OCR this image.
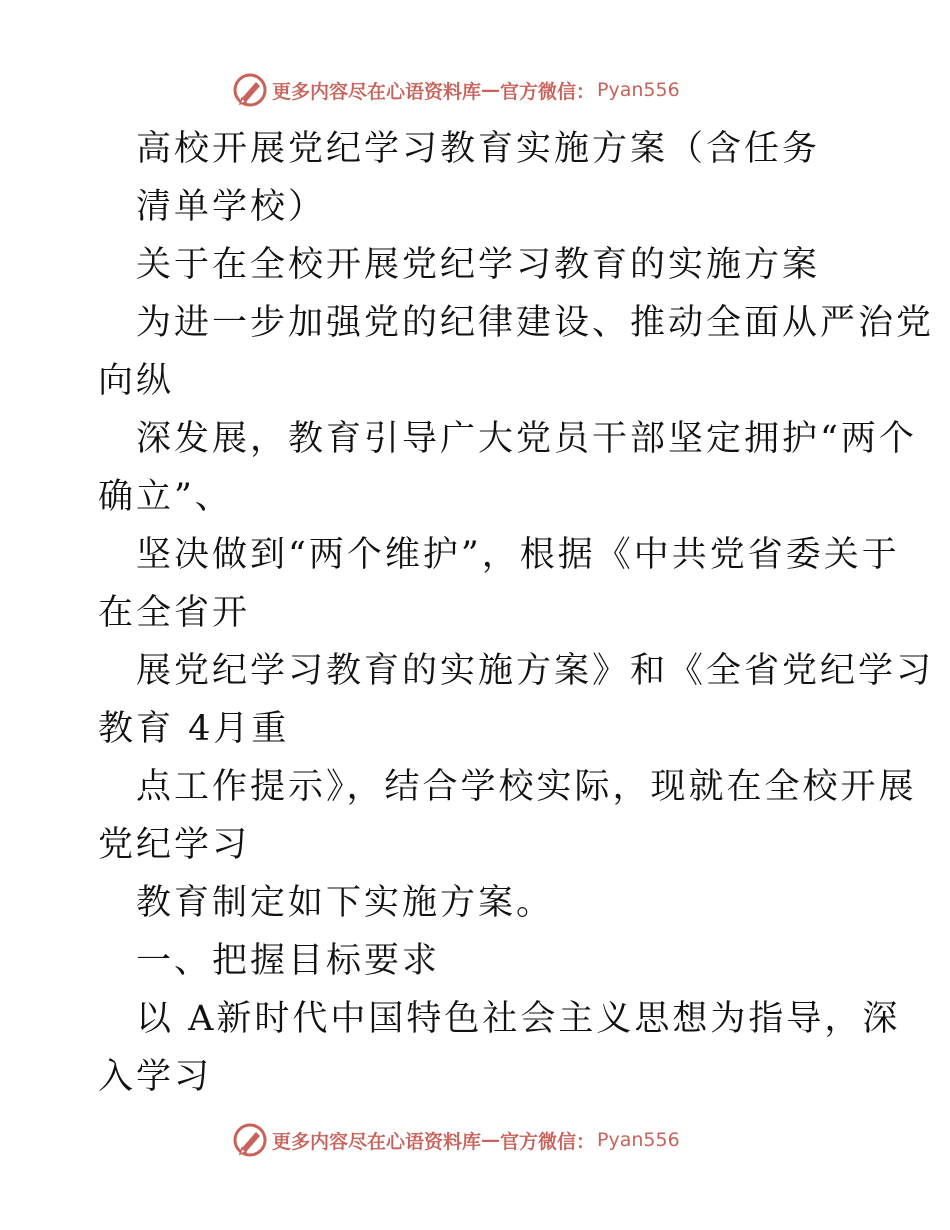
更多内容尽在心语资料库 — 官方微信： Pyan556
高校开展党纪学习教育实施方案（含任务
清单学校）
关于在全校开展党纪学习教育的实施方案
为进一步加强党的纪律建设、推动全面从严治党
向纵
深发展，教育引导广大党员干部坚定拥护“两个
确立”、
坚决做到“两个维护”，根据《中共党省委关于
在全省开
展党纪学习教育的实施方案》和《全省党纪学习
教育 4月重
点工作提示》，结合学校实际，现就在全校开展
党纪学习
教育制定如下实施方案。
一、把握目标要求
以 A新时代中国特色社会主义思想为指导，深
入学习
更多内容尽在心语资料库 — 官方微信： Pyan556
